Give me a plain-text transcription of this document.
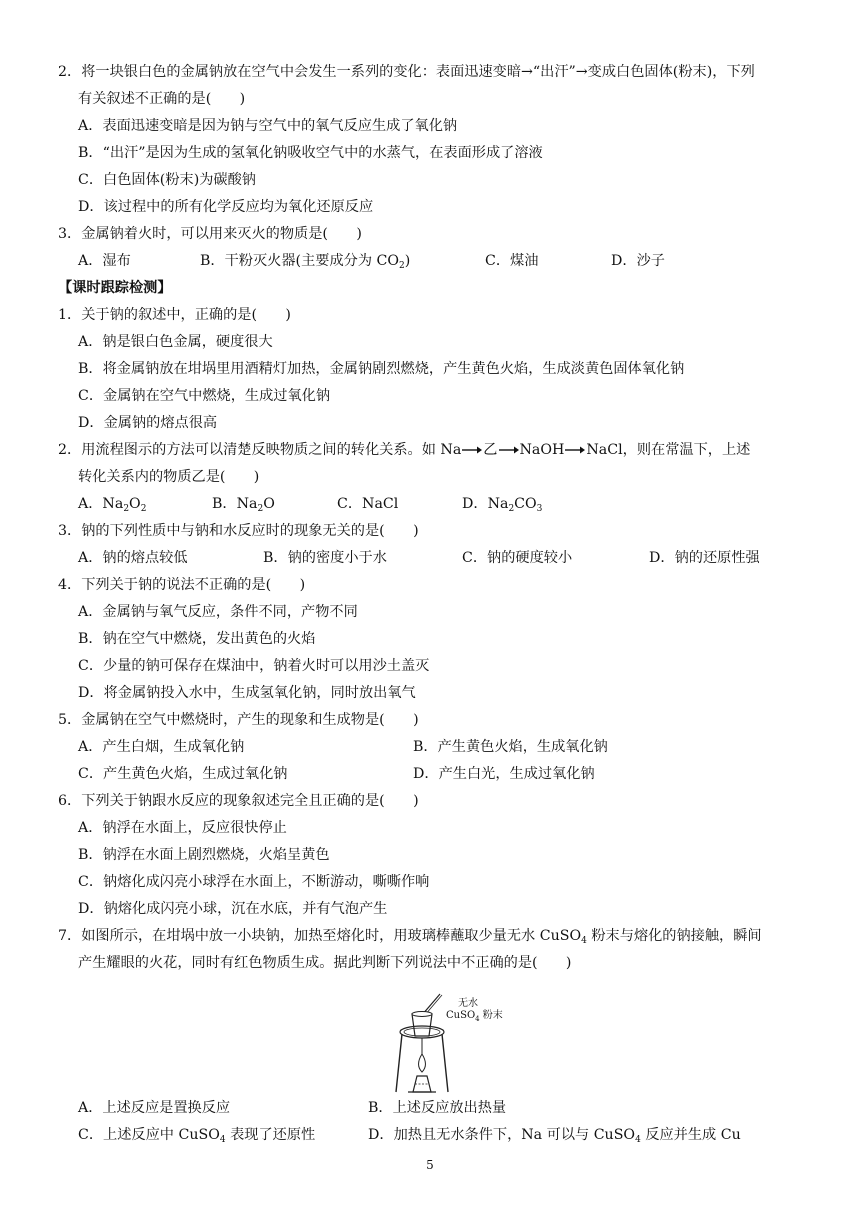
2．将一块银白色的金属钠放在空气中会发生一系列的变化：表面迅速变暗→“出汗”→变成白色固体(粉末)，下列
有关叙述不正确的是(　　)
A．表面迅速变暗是因为钠与空气中的氧气反应生成了氧化钠
B．“出汗”是因为生成的氢氧化钠吸收空气中的水蒸气，在表面形成了溶液
C．白色固体(粉末)为碳酸钠
D．该过程中的所有化学反应均为氧化还原反应
3．金属钠着火时，可以用来灭火的物质是(　　)
A．湿布	B．干粉灭火器(主要成分为 $CO_2$)	C．煤油	D．沙子
【课时跟踪检测】
1．关于钠的叙述中，正确的是(　　)
A．钠是银白色金属，硬度很大
B．将金属钠放在坩埚里用酒精灯加热，金属钠剧烈燃烧，产生黄色火焰，生成淡黄色固体氧化钠
C．金属钠在空气中燃烧，生成过氧化钠
D．金属钠的熔点很高
2．用流程图示的方法可以清楚反映物质之间的转化关系。如 Na 乙 NaOH NaCl，则在常温下，上述
转化关系内的物质乙是(　　)
A．$Na_2O_2$	B．$Na_2O$	C．NaCl	D．$Na_2CO_3$
3．钠的下列性质中与钠和水反应时的现象无关的是(　　)
A．钠的熔点较低	B．钠的密度小于水	C．钠的硬度较小	D．钠的还原性强
4．下列关于钠的说法不正确的是(　　)
A．金属钠与氧气反应，条件不同，产物不同
B．钠在空气中燃烧，发出黄色的火焰
C．少量的钠可保存在煤油中，钠着火时可以用沙土盖灭
D．将金属钠投入水中，生成氢氧化钠，同时放出氧气
5．金属钠在空气中燃烧时，产生的现象和生成物是(　　)
A．产生白烟，生成氧化钠	B．产生黄色火焰，生成氧化钠
C．产生黄色火焰，生成过氧化钠	D．产生白光，生成过氧化钠
6．下列关于钠跟水反应的现象叙述完全且正确的是(　　)
A．钠浮在水面上，反应很快停止
B．钠浮在水面上剧烈燃烧，火焰呈黄色
C．钠熔化成闪亮小球浮在水面上，不断游动，嘶嘶作响
D．钠熔化成闪亮小球，沉在水底，并有气泡产生
7．如图所示，在坩埚中放一小块钠，加热至熔化时，用玻璃棒蘸取少量无水 CuSO$_4$ 粉末与熔化的钠接触，瞬间
产生耀眼的火花，同时有红色物质生成。据此判断下列说法中不正确的是(　　)
无水
CuSO$_4$ 粉末
A．上述反应是置换反应	B．上述反应放出热量
C．上述反应中 CuSO$_4$ 表现了还原性	D．加热且无水条件下，Na 可以与 CuSO$_4$ 反应并生成 Cu
5
